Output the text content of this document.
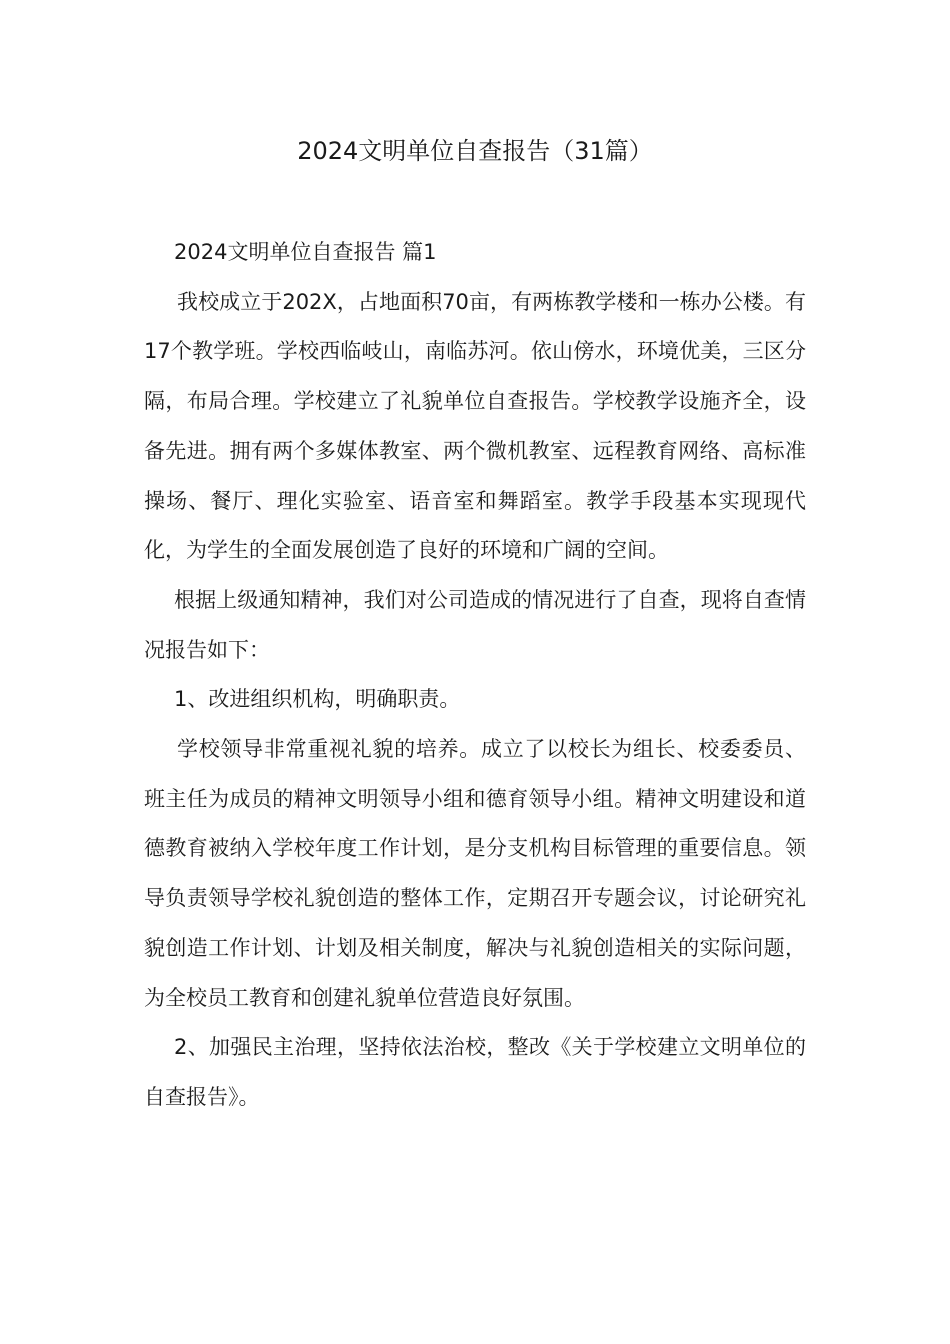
2024文明单位自查报告（31篇）

2024文明单位自查报告 篇1

我校成立于202X，占地面积70亩，有两栋教学楼和一栋办公楼。有17个教学班。学校西临岐山，南临苏河。依山傍水，环境优美，三区分隔，布局合理。学校建立了礼貌单位自查报告。学校教学设施齐全，设备先进。拥有两个多媒体教室、两个微机教室、远程教育网络、高标准操场、餐厅、理化实验室、语音室和舞蹈室。教学手段基本实现现代化，为学生的全面发展创造了良好的环境和广阔的空间。

根据上级通知精神，我们对公司造成的情况进行了自查，现将自查情况报告如下：

1、改进组织机构，明确职责。

学校领导非常重视礼貌的培养。成立了以校长为组长、校委委员、班主任为成员的精神文明领导小组和德育领导小组。精神文明建设和道德教育被纳入学校年度工作计划，是分支机构目标管理的重要信息。领导负责领导学校礼貌创造的整体工作，定期召开专题会议，讨论研究礼貌创造工作计划、计划及相关制度，解决与礼貌创造相关的实际问题，为全校员工教育和创建礼貌单位营造良好氛围。

2、加强民主治理，坚持依法治校，整改《关于学校建立文明单位的自查报告》。
